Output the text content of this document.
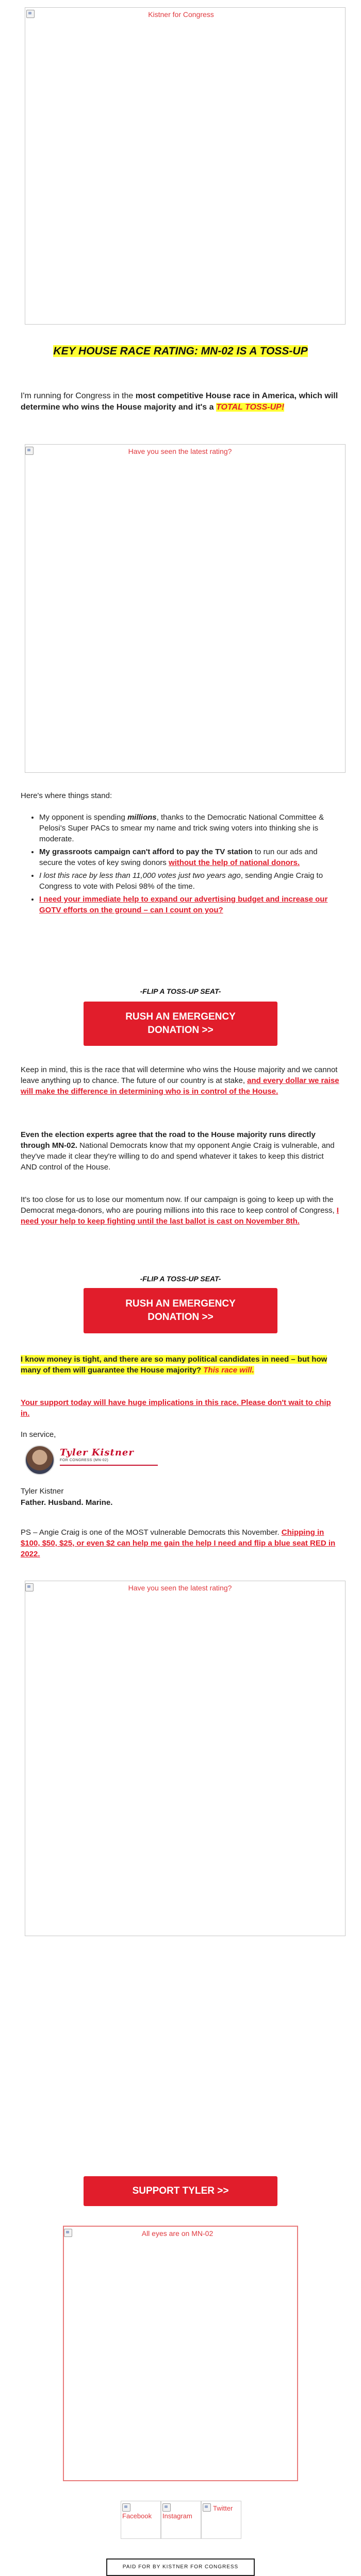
Kistner for Congress
KEY HOUSE RACE RATING: MN-02 IS A TOSS-UP
I'm running for Congress in the most competitive House race in America, which will determine who wins the House majority and it's a TOTAL TOSS-UP!
Have you seen the latest rating?
Here's where things stand:
• My opponent is spending millions, thanks to the Democratic National Committee & Pelosi's Super PACs to smear my name and trick swing voters into thinking she is moderate.
• My grassroots campaign can't afford to pay the TV station to run our ads and secure the votes of key swing donors without the help of national donors.
• I lost this race by less than 11,000 votes just two years ago, sending Angie Craig to Congress to vote with Pelosi 98% of the time.
• I need your immediate help to expand our advertising budget and increase our GOTV efforts on the ground – can I count on you?
-FLIP A TOSS-UP SEAT-
RUSH AN EMERGENCY DONATION >>
Keep in mind, this is the race that will determine who wins the House majority and we cannot leave anything up to chance. The future of our country is at stake, and every dollar we raise will make the difference in determining who is in control of the House.
Even the election experts agree that the road to the House majority runs directly through MN-02. National Democrats know that my opponent Angie Craig is vulnerable, and they've made it clear they're willing to do and spend whatever it takes to keep this district AND control of the House.
It's too close for us to lose our momentum now. If our campaign is going to keep up with the Democrat mega-donors, who are pouring millions into this race to keep control of Congress, I need your help to keep fighting until the last ballot is cast on November 8th.
-FLIP A TOSS-UP SEAT-
RUSH AN EMERGENCY DONATION >>
I know money is tight, and there are so many political candidates in need – but how many of them will guarantee the House majority? This race will.
Your support today will have huge implications in this race. Please don't wait to chip in.
In service,
Tyler Kistner
FOR CONGRESS (MN-02)
Tyler Kistner
Father. Husband. Marine.
PS – Angie Craig is one of the MOST vulnerable Democrats this November. Chipping in $100, $50, $25, or even $2 can help me gain the help I need and flip a blue seat RED in 2022.
Have you seen the latest rating?
SUPPORT TYLER >>
All eyes are on MN-02
Facebook	Instagram
Twitter
PAID FOR BY KISTNER FOR CONGRESS
